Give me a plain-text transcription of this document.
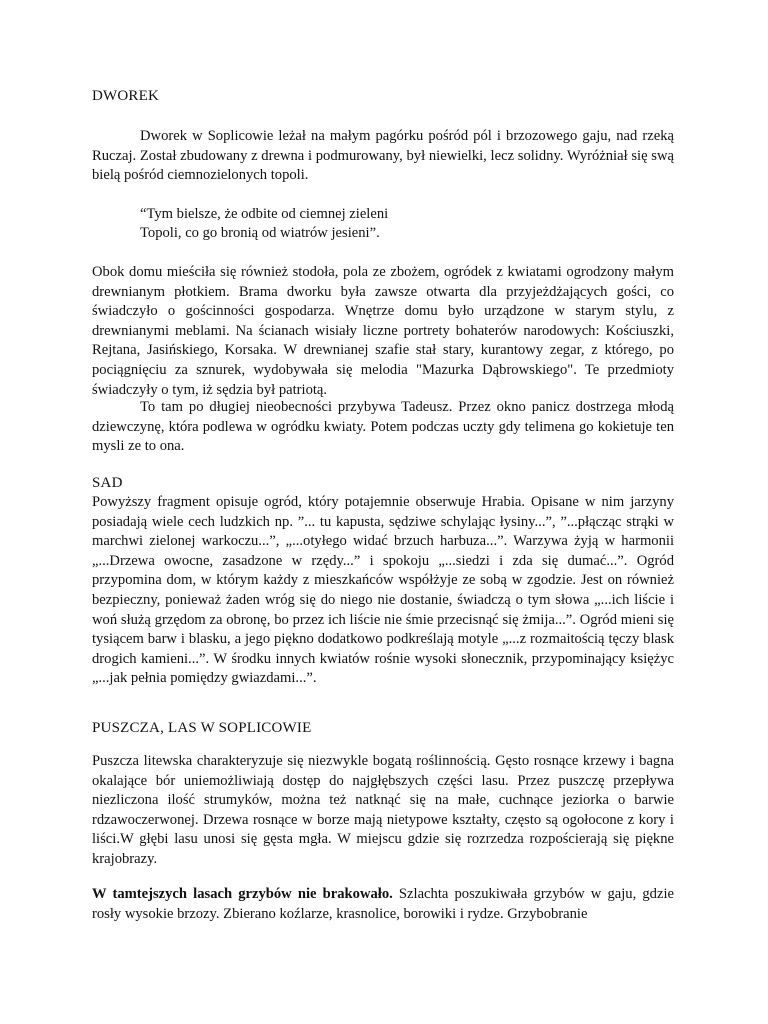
DWOREK

Dworek w Soplicowie leżał na małym pagórku pośród pól i brzozowego gaju, nad rzeką Ruczaj. Został zbudowany z drewna i podmurowany, był niewielki, lecz solidny. Wyróżniał się swą bielą pośród ciemnozielonych topoli.

“Tym bielsze, że odbite od ciemnej zieleni

Topoli, co go bronią od wiatrów jesieni”.

Obok domu mieściła się również stodoła, pola ze zbożem, ogródek z kwiatami ogrodzony małym drewnianym płotkiem. Brama dworku była zawsze otwarta dla przyjeżdżających gości, co świadczyło o gościnności gospodarza. Wnętrze domu było urządzone w starym stylu, z drewnianymi meblami. Na ścianach wisiały liczne portrety bohaterów narodowych: Kościuszki, Rejtana, Jasińskiego, Korsaka. W drewnianej szafie stał stary, kurantowy zegar, z którego, po pociągnięciu za sznurek, wydobywała się melodia "Mazurka Dąbrowskiego". Te przedmioty świadczyły o tym, iż sędzia był patriotą.

To tam po długiej nieobecności przybywa Tadeusz. Przez okno panicz dostrzega młodą dziewczynę, która podlewa w ogródku kwiaty. Potem podczas uczty gdy telimena go kokietuje ten mysli ze to ona.

SAD

Powyższy fragment opisuje ogród, który potajemnie obserwuje Hrabia. Opisane w nim jarzyny posiadają wiele cech ludzkich np. ”... tu kapusta, sędziwe schylając łysiny...”, ”...płącząc strąki w marchwi zielonej warkoczu...”, „...otyłego widać brzuch harbuza...”. Warzywa żyją w harmonii „...Drzewa owocne, zasadzone w rzędy...” i spokoju „...siedzi i zda się dumać...”. Ogród przypomina dom, w którym każdy z mieszkańców współżyje ze sobą w zgodzie. Jest on również bezpieczny, ponieważ żaden wróg się do niego nie dostanie, świadczą o tym słowa „...ich liście i woń służą grzędom za obronę, bo przez ich liście nie śmie przecisnąć się żmija...”. Ogród mieni się tysiącem barw i blasku, a jego piękno dodatkowo podkreślają motyle „...z rozmaitością tęczy blask drogich kamieni...”. W środku innych kwiatów rośnie wysoki słonecznik, przypominający księżyc „...jak pełnia pomiędzy gwiazdami...”.

PUSZCZA, LAS W SOPLICOWIE

Puszcza litewska charakteryzuje się niezwykle bogatą roślinnością. Gęsto rosnące krzewy i bagna okalające bór uniemożliwiają dostęp do najgłębszych części lasu. Przez puszczę przepływa niezliczona ilość strumyków, można też natknąć się na małe, cuchnące jeziorka o barwie rdzawoczerwonej. Drzewa rosnące w borze mają nietypowe kształty, często są ogołocone z kory i liści.W głębi lasu unosi się gęsta mgła. W miejscu gdzie się rozrzedza rozpościerają się piękne krajobrazy.

W tamtejszych lasach grzybów nie brakowało. Szlachta poszukiwała grzybów w gaju, gdzie rosły wysokie brzozy. Zbierano koźlarze, krasnolice, borowiki i rydze. Grzybobranie
